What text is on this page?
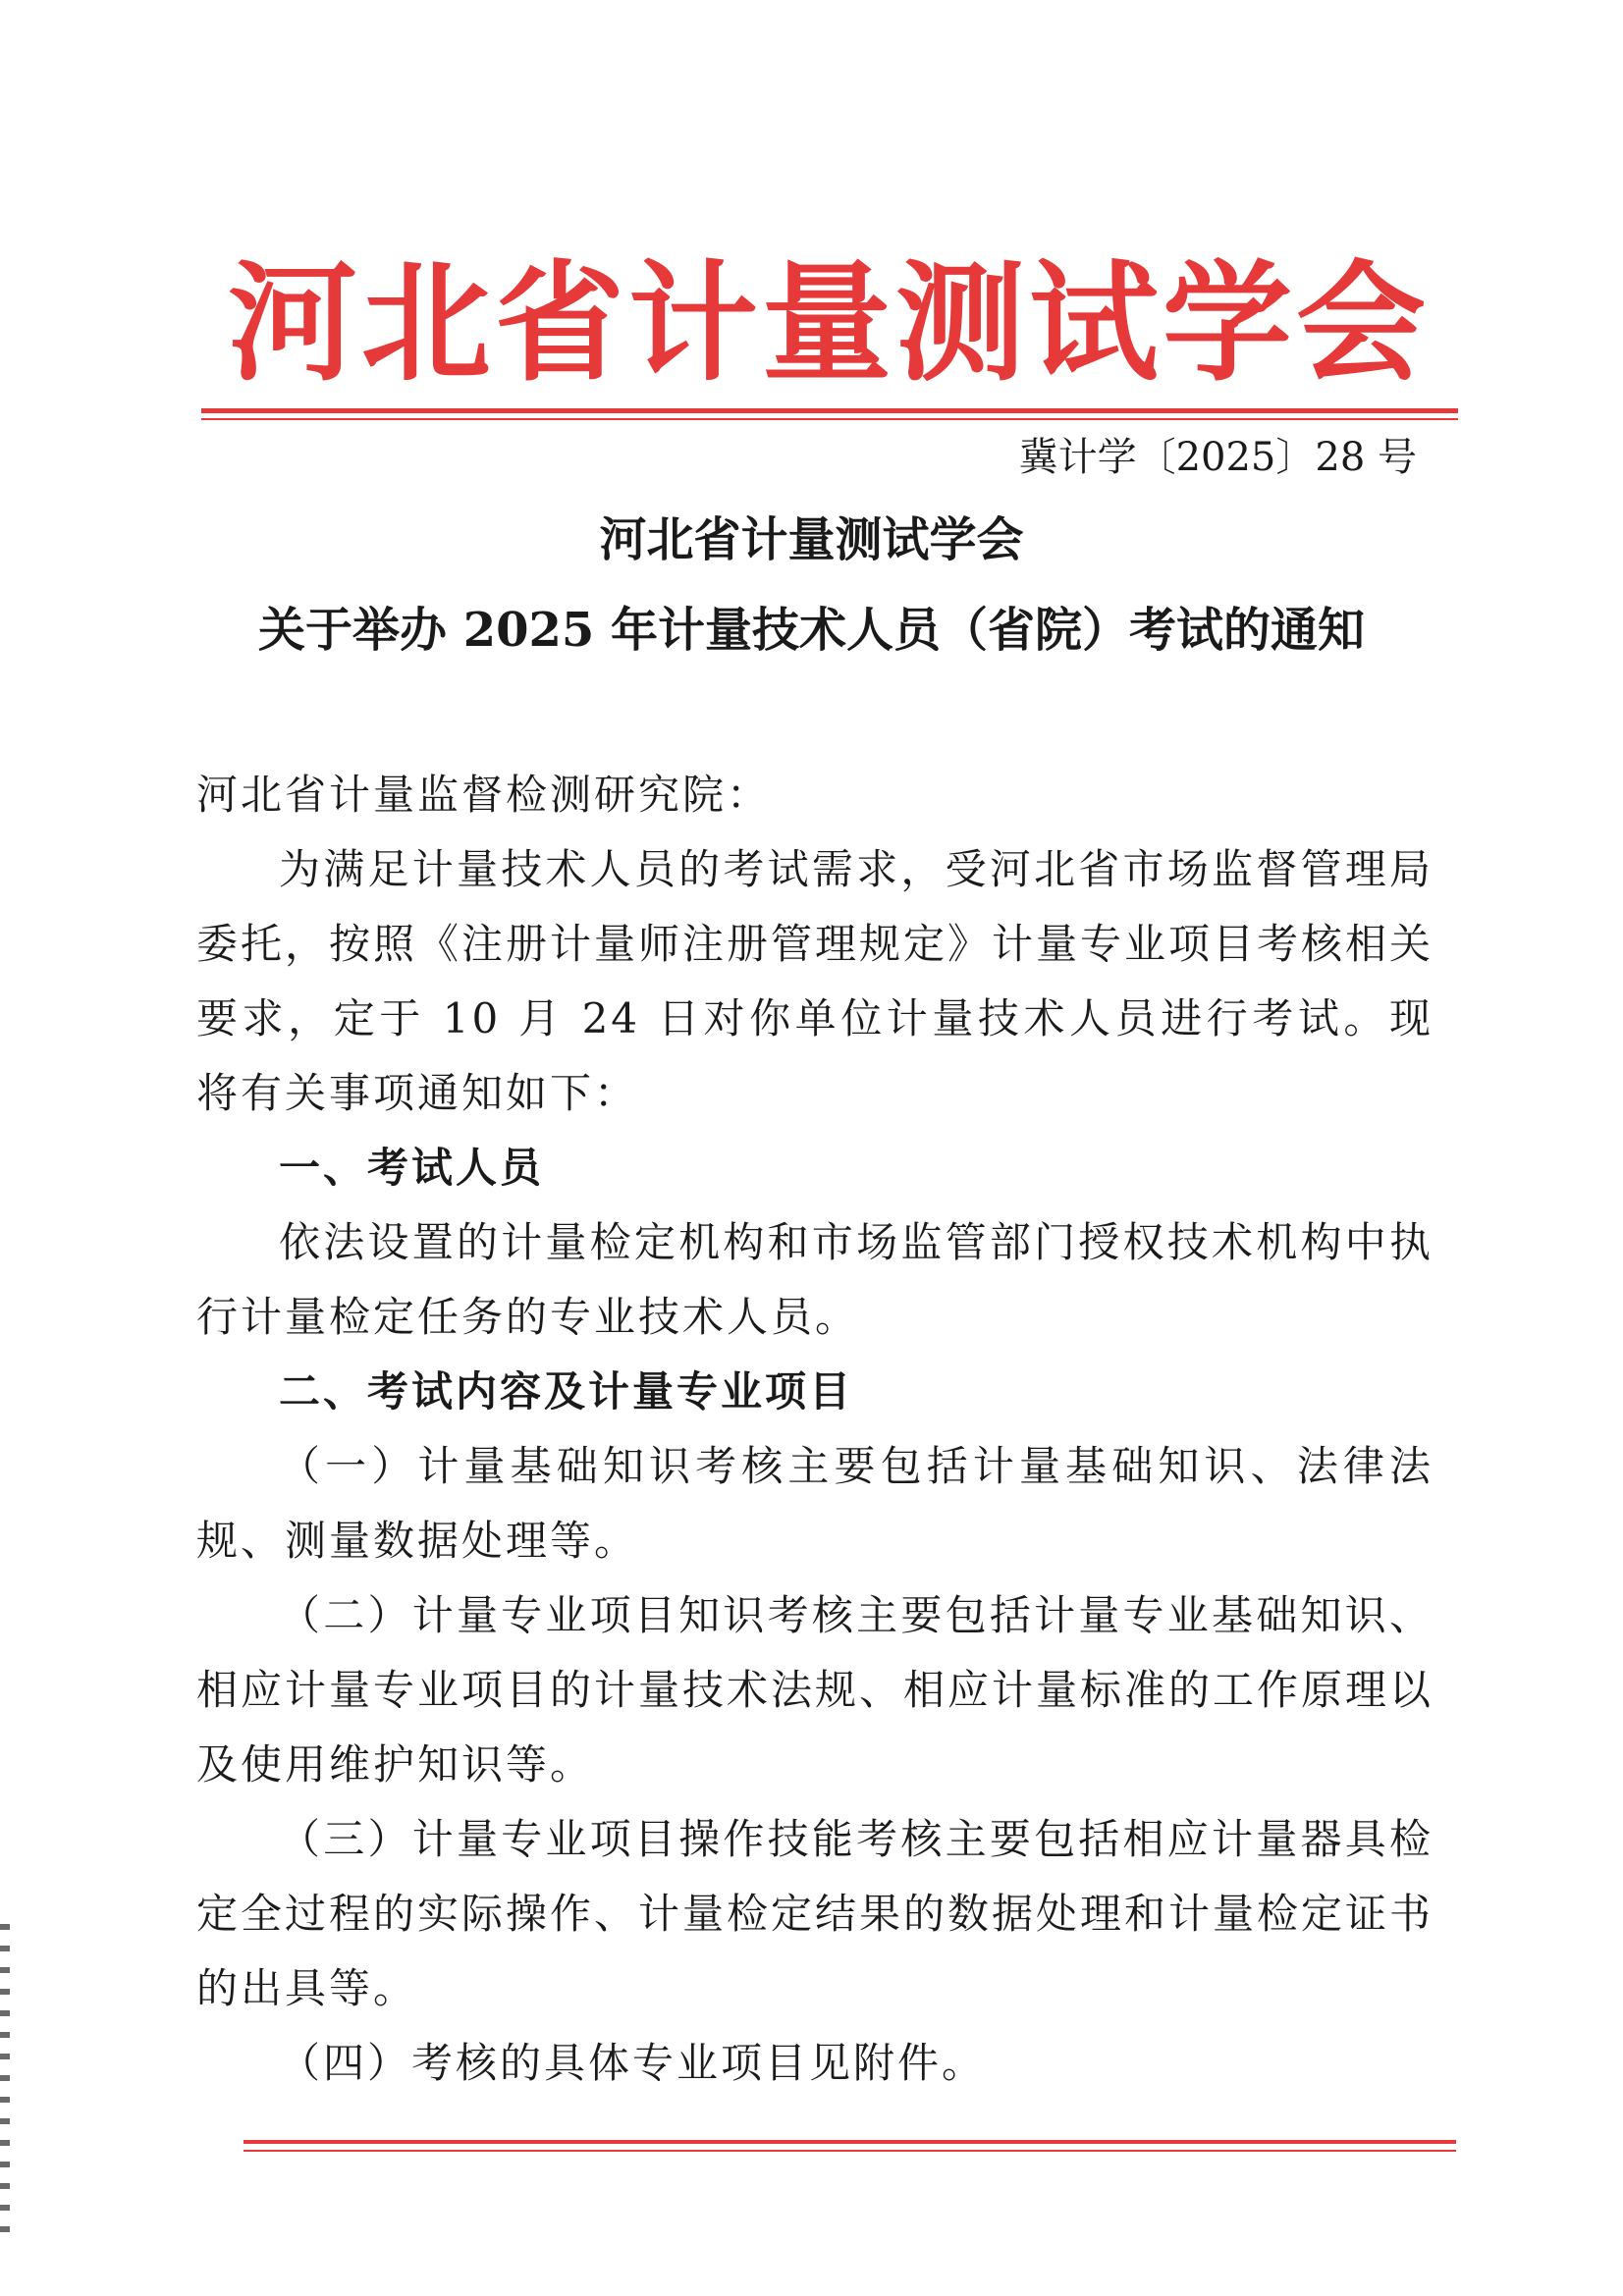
河北省计量测试学会
冀计学〔2025〕28 号
河北省计量测试学会
关于举办 2025 年计量技术人员（省院）考试的通知

河北省计量监督检测研究院：

为满足计量技术人员的考试需求，受河北省市场监督管理局委托，按照《注册计量师注册管理规定》计量专业项目考核相关要求，定于 10 月 24 日对你单位计量技术人员进行考试。现将有关事项通知如下：

一、考试人员

依法设置的计量检定机构和市场监管部门授权技术机构中执行计量检定任务的专业技术人员。

二、考试内容及计量专业项目

（一）计量基础知识考核主要包括计量基础知识、法律法规、测量数据处理等。

（二）计量专业项目知识考核主要包括计量专业基础知识、相应计量专业项目的计量技术法规、相应计量标准的工作原理以及使用维护知识等。

（三）计量专业项目操作技能考核主要包括相应计量器具检定全过程的实际操作、计量检定结果的数据处理和计量检定证书的出具等。

（四）考核的具体专业项目见附件。
